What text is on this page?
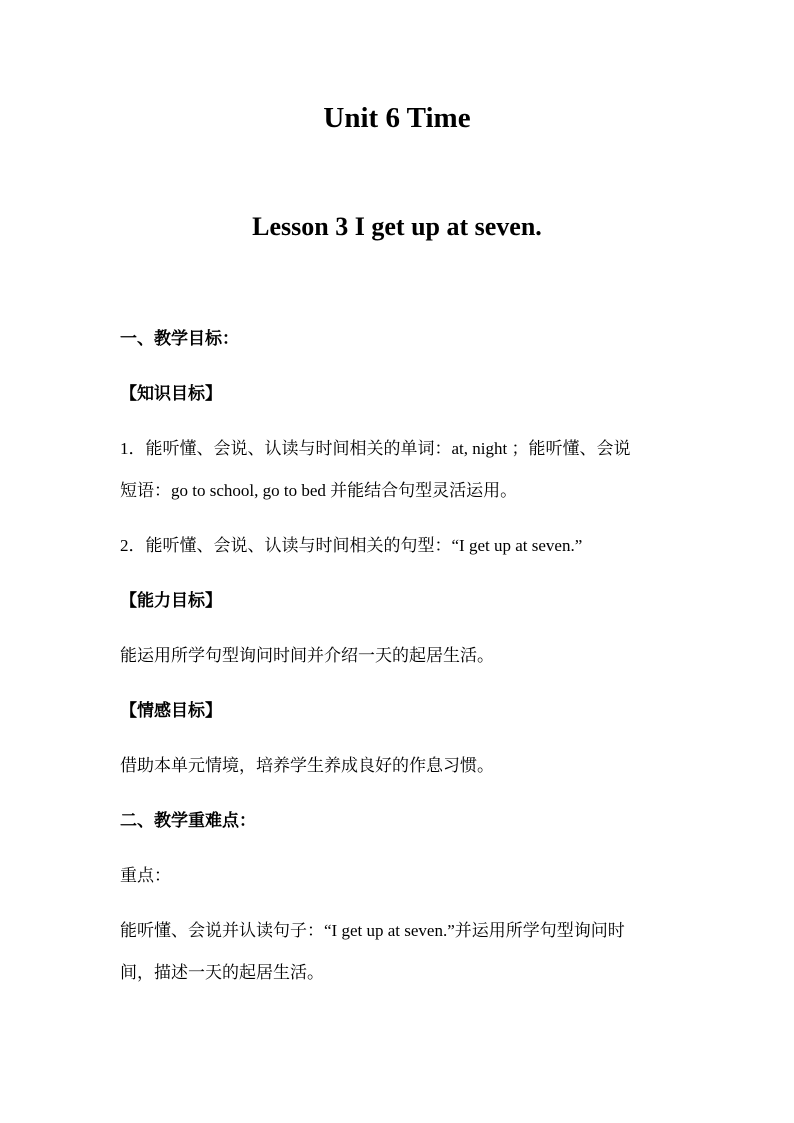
Unit 6 Time
Lesson 3 I get up at seven.
一、教学目标：
【知识目标】
1．能听懂、会说、认读与时间相关的单词：at, night ；能听懂、会说
短语：go to school, go to bed 并能结合句型灵活运用。
2．能听懂、会说、认读与时间相关的句型：“I get up at seven.”
【能力目标】
能运用所学句型询问时间并介绍一天的起居生活。
【情感目标】
借助本单元情境，培养学生养成良好的作息习惯。
二、教学重难点：
重点：
能听懂、会说并认读句子：“I get up at seven.”并运用所学句型询问时
间，描述一天的起居生活。
